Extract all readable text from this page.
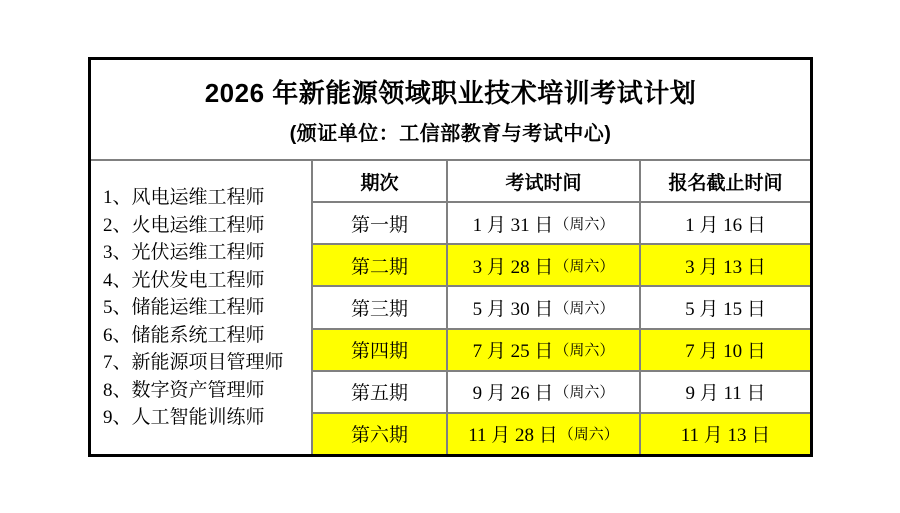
2026 年新能源领域职业技术培训考试计划
(颁证单位：工信部教育与考试中心)
1、风电运维工程师
2、火电运维工程师
3、光伏运维工程师
4、光伏发电工程师
5、储能运维工程师
6、储能系统工程师
7、新能源项目管理师
8、数字资产管理师
9、人工智能训练师
期次	考试时间	报名截止时间
第一期	1 月 31 日 （周六）	1 月 16 日
第二期	3 月 28 日 （周六）	3 月 13 日
第三期	5 月 30 日 （周六）	5 月 15 日
第四期	7 月 25 日 （周六）	7 月 10 日
第五期	9 月 26 日 （周六）	9 月 11 日
第六期	11 月 28 日 （周六）	11 月 13 日
